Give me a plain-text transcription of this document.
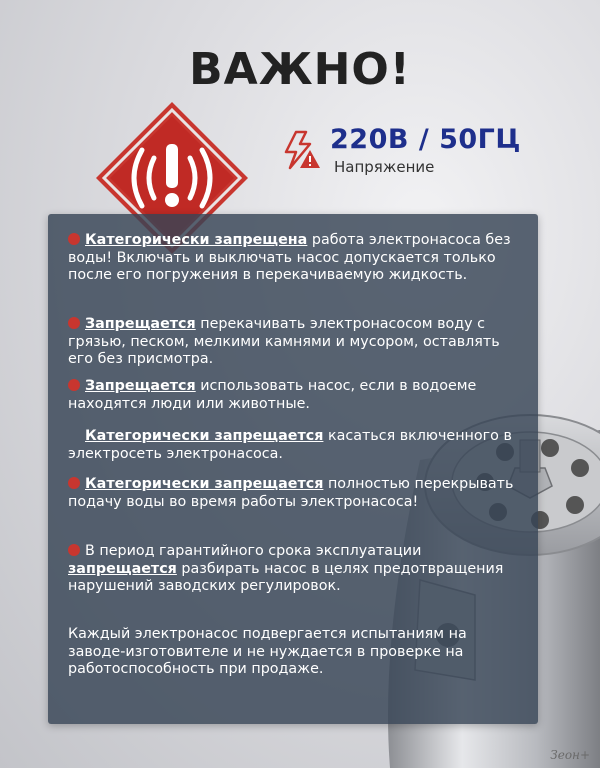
ВАЖНО!
220В / 50ГЦ
Напряжение

Категорически запрещена работа электронасоса без воды! Включать и выключать насос допускается только после его погружения в перекачиваемую жидкость.

Запрещается перекачивать электронасосом воду с грязью, песком, мелкими камнями и мусором, оставлять его без присмотра.

Запрещается использовать насос, если в водоеме находятся люди или животные.

Категорически запрещается касаться включенного в электросеть электронасоса.

Категорически запрещается полностью перекрывать подачу воды во время работы электронасоса!

В период гарантийного срока эксплуатации запрещается разбирать насос в целях предотвращения нарушений заводских регулировок.

Каждый электронасос подвергается испытаниям на заводе-изготовителе и не нуждается в проверке на работоспособность при продаже.

Зеон+
